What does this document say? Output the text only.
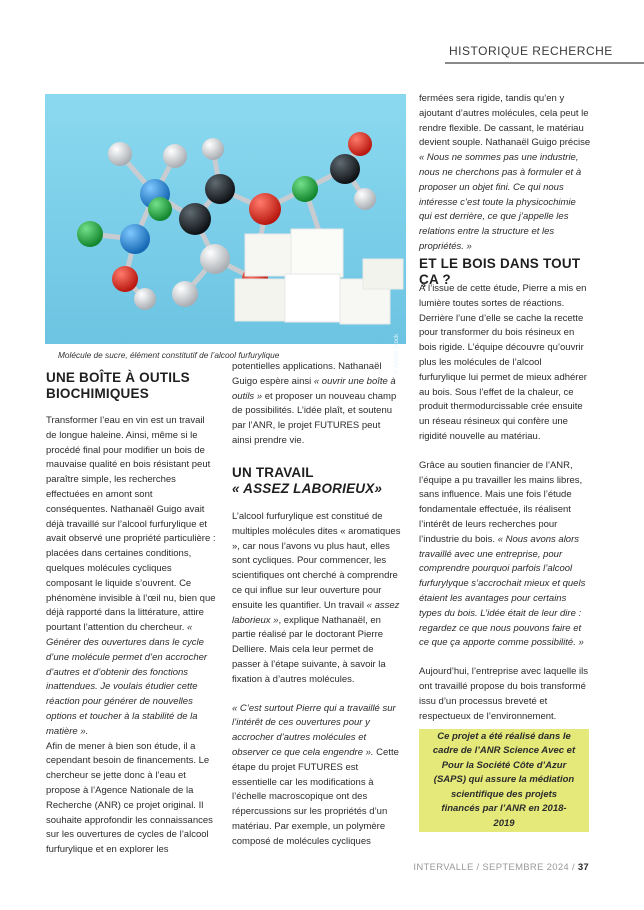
HISTORIQUE RECHERCHE
© Adobe Stock
Molécule de sucre, élément constitutif de l’alcool furfurylique
UNE BOÎTE À OUTILS BIOCHIMIQUES

Transformer l’eau en vin est un travail de longue haleine. Ainsi, même si le procédé final pour modifier un bois de mauvaise qualité en bois résistant peut paraître simple, les recherches effectuées en amont sont conséquentes. Nathanaël Guigo avait déjà travaillé sur l’alcool furfurylique et avait observé une propriété particulière : placées dans certaines conditions, quelques molécules cycliques composant le liquide s’ouvrent. Ce phénomène invisible à l’œil nu, bien que déjà rapporté dans la littérature, attire pourtant l’attention du chercheur. « Générer des ouvertures dans le cycle d’une molécule permet d’en accrocher d’autres et d’obtenir des fonctions inattendues. Je voulais étudier cette réaction pour générer de nouvelles options et toucher à la stabilité de la matière ».

Afin de mener à bien son étude, il a cependant besoin de financements. Le chercheur se jette donc à l’eau et propose à l’Agence Nationale de la Recherche (ANR) ce projet original. Il souhaite approfondir les connaissances sur les ouvertures de cycles de l’alcool furfurylique et en explorer les

potentielles applications. Nathanaël Guigo espère ainsi « ouvrir une boîte à outils » et proposer un nouveau champ de possibilités. L’idée plaît, et soutenu par l’ANR, le projet FUTURES peut ainsi prendre vie.

UN TRAVAIL
« ASSEZ LABORIEUX»

L’alcool furfurylique est constitué de multiples molécules dites « aromatiques », car nous l’avons vu plus haut, elles sont cycliques. Pour commencer, les scientifiques ont cherché à comprendre ce qui influe sur leur ouverture pour ensuite les quantifier. Un travail « assez laborieux », explique Nathanaël, en partie réalisé par le doctorant Pierre Delliere. Mais cela leur permet de passer à l’étape suivante, à savoir la fixation à d’autres molécules.

« C’est surtout Pierre qui a travaillé sur l’intérêt de ces ouvertures pour y accrocher d’autres molécules et observer ce que cela engendre ». Cette étape du projet FUTURES est essentielle car les modifications à l’échelle macroscopique ont des répercussions sur les propriétés d’un matériau. Par exemple, un polymère composé de molécules cycliques

fermées sera rigide, tandis qu’en y ajoutant d’autres molécules, cela peut le rendre flexible. De cassant, le matériau devient souple. Nathanaël Guigo précise « Nous ne sommes pas une industrie, nous ne cherchons pas à formuler et à proposer un objet fini. Ce qui nous intéresse c’est toute la physicochimie qui est derrière, ce que j’appelle les relations entre la structure et les propriétés. »

ET LE BOIS DANS TOUT ÇA ?

À l’issue de cette étude, Pierre a mis en lumière toutes sortes de réactions. Derrière l’une d’elle se cache la recette pour transformer du bois résineux en bois rigide. L’équipe découvre qu’ouvrir plus les molécules de l’alcool furfurylique lui permet de mieux adhérer au bois. Sous l’effet de la chaleur, ce produit thermodurcissable crée ensuite un réseau résineux qui confère une rigidité nouvelle au matériau.

Grâce au soutien financier de l’ANR, l’équipe a pu travailler les mains libres, sans influence. Mais une fois l’étude fondamentale effectuée, ils réalisent l’intérêt de leurs recherches pour l’industrie du bois. « Nous avons alors travaillé avec une entreprise, pour comprendre pourquoi parfois l’alcool furfurylyque s’accrochait mieux et quels étaient les avantages pour certains types du bois. L’idée était de leur dire : regardez ce que nous pouvons faire et ce que ça apporte comme possibilité. »

Aujourd’hui, l’entreprise avec laquelle ils ont travaillé propose du bois transformé issu d’un processus breveté et respectueux de l’environnement.

Ce projet a été réalisé dans le cadre de l’ANR Science Avec et Pour la Société Côte d’Azur (SAPS) qui assure la médiation scientifique des projets financés par l’ANR en 2018-2019

INTERVALLE / SEPTEMBRE 2024 / 37
